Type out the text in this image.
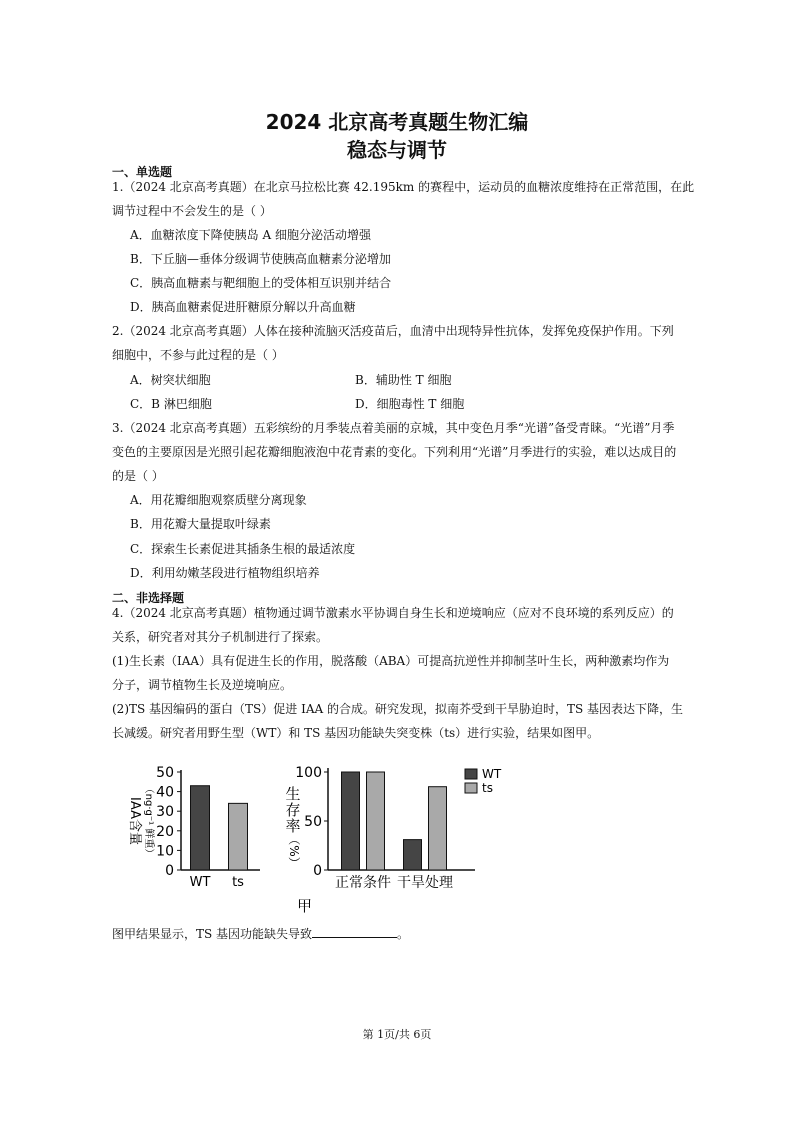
2024 北京高考真题生物汇编
稳态与调节
一、单选题
1.（2024 北京高考真题）在北京马拉松比赛 42.195km 的赛程中，运动员的血糖浓度维持在正常范围，在此
调节过程中不会发生的是（ ）
A．血糖浓度下降使胰岛 A 细胞分泌活动增强
B．下丘脑—垂体分级调节使胰高血糖素分泌增加
C．胰高血糖素与靶细胞上的受体相互识别并结合
D．胰高血糖素促进肝糖原分解以升高血糖
2.（2024 北京高考真题）人体在接种流脑灭活疫苗后，血清中出现特异性抗体，发挥免疫保护作用。下列
细胞中，不参与此过程的是（ ）
A．树突状细胞	B．辅助性 T 细胞
C．B 淋巴细胞	D．细胞毒性 T 细胞
3.（2024 北京高考真题）五彩缤纷的月季装点着美丽的京城，其中变色月季“光谱”备受青睐。“光谱”月季
变色的主要原因是光照引起花瓣细胞液泡中花青素的变化。下列利用“光谱”月季进行的实验，难以达成目的
的是（ ）
A．用花瓣细胞观察质壁分离现象
B．用花瓣大量提取叶绿素
C．探索生长素促进其插条生根的最适浓度
D．利用幼嫩茎段进行植物组织培养
二、非选择题
4.（2024 北京高考真题）植物通过调节激素水平协调自身生长和逆境响应（应对不良环境的系列反应）的
关系，研究者对其分子机制进行了探索。
(1)生长素（IAA）具有促进生长的作用，脱落酸（ABA）可提高抗逆性并抑制茎叶生长，两种激素均作为
分子，调节植物生长及逆境响应。
(2)TS 基因编码的蛋白（TS）促进 IAA 的合成。研究发现，拟南芥受到干旱胁迫时，TS 基因表达下降，生
长减缓。研究者用野生型（WT）和 TS 基因功能缺失突变株（ts）进行实验，结果如图甲。
0
10
20
30
40
50
WT ts
IAA含量 （ng·g⁻¹ 鲜重）
0
50
100
正常条件 干旱处理
生
存
率
（%）
WT
ts
甲
图甲结果显示，TS 基因功能缺失导致	。
第 1页/共 6页
